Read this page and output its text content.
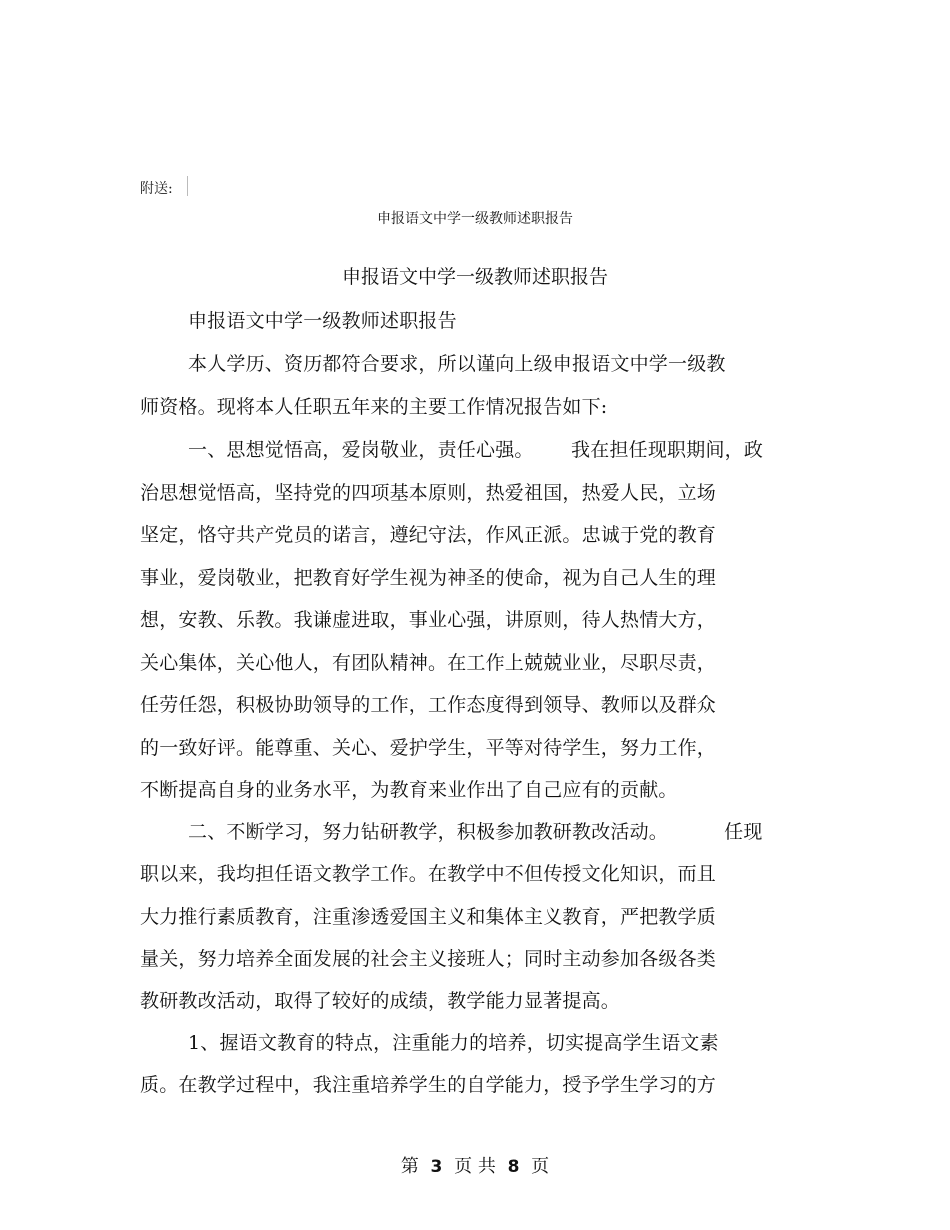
附送:
申报语文中学一级教师述职报告
申报语文中学一级教师述职报告
申报语文中学一级教师述职报告
本人学历、资历都符合要求，所以谨向上级申报语文中学一级教
师资格。现将本人任职五年来的主要工作情况报告如下:
一、思想觉悟高，爱岗敬业，责任心强。      我在担任现职期间，政
治思想觉悟高，坚持党的四项基本原则，热爱祖国，热爱人民，立场
坚定，恪守共产党员的诺言，遵纪守法，作风正派。忠诚于党的教育
事业，爱岗敬业，把教育好学生视为神圣的使命，视为自己人生的理
想，安教、乐教。我谦虚进取，事业心强，讲原则，待人热情大方，
关心集体，关心他人，有团队精神。在工作上兢兢业业，尽职尽责，
任劳任怨，积极协助领导的工作，工作态度得到领导、教师以及群众
的一致好评。能尊重、关心、爱护学生，平等对待学生，努力工作，
不断提高自身的业务水平，为教育来业作出了自己应有的贡献。
二、不断学习，努力钻研教学，积极参加教研教改活动。         任现
职以来，我均担任语文教学工作。在教学中不但传授文化知识，而且
大力推行素质教育，注重渗透爱国主义和集体主义教育，严把教学质
量关，努力培养全面发展的社会主义接班人；同时主动参加各级各类
教研教改活动，取得了较好的成绩，教学能力显著提高。
1、握语文教育的特点，注重能力的培养，切实提高学生语文素
质。在教学过程中，我注重培养学生的自学能力，授予学生学习的方
第 3 页 共 8 页
